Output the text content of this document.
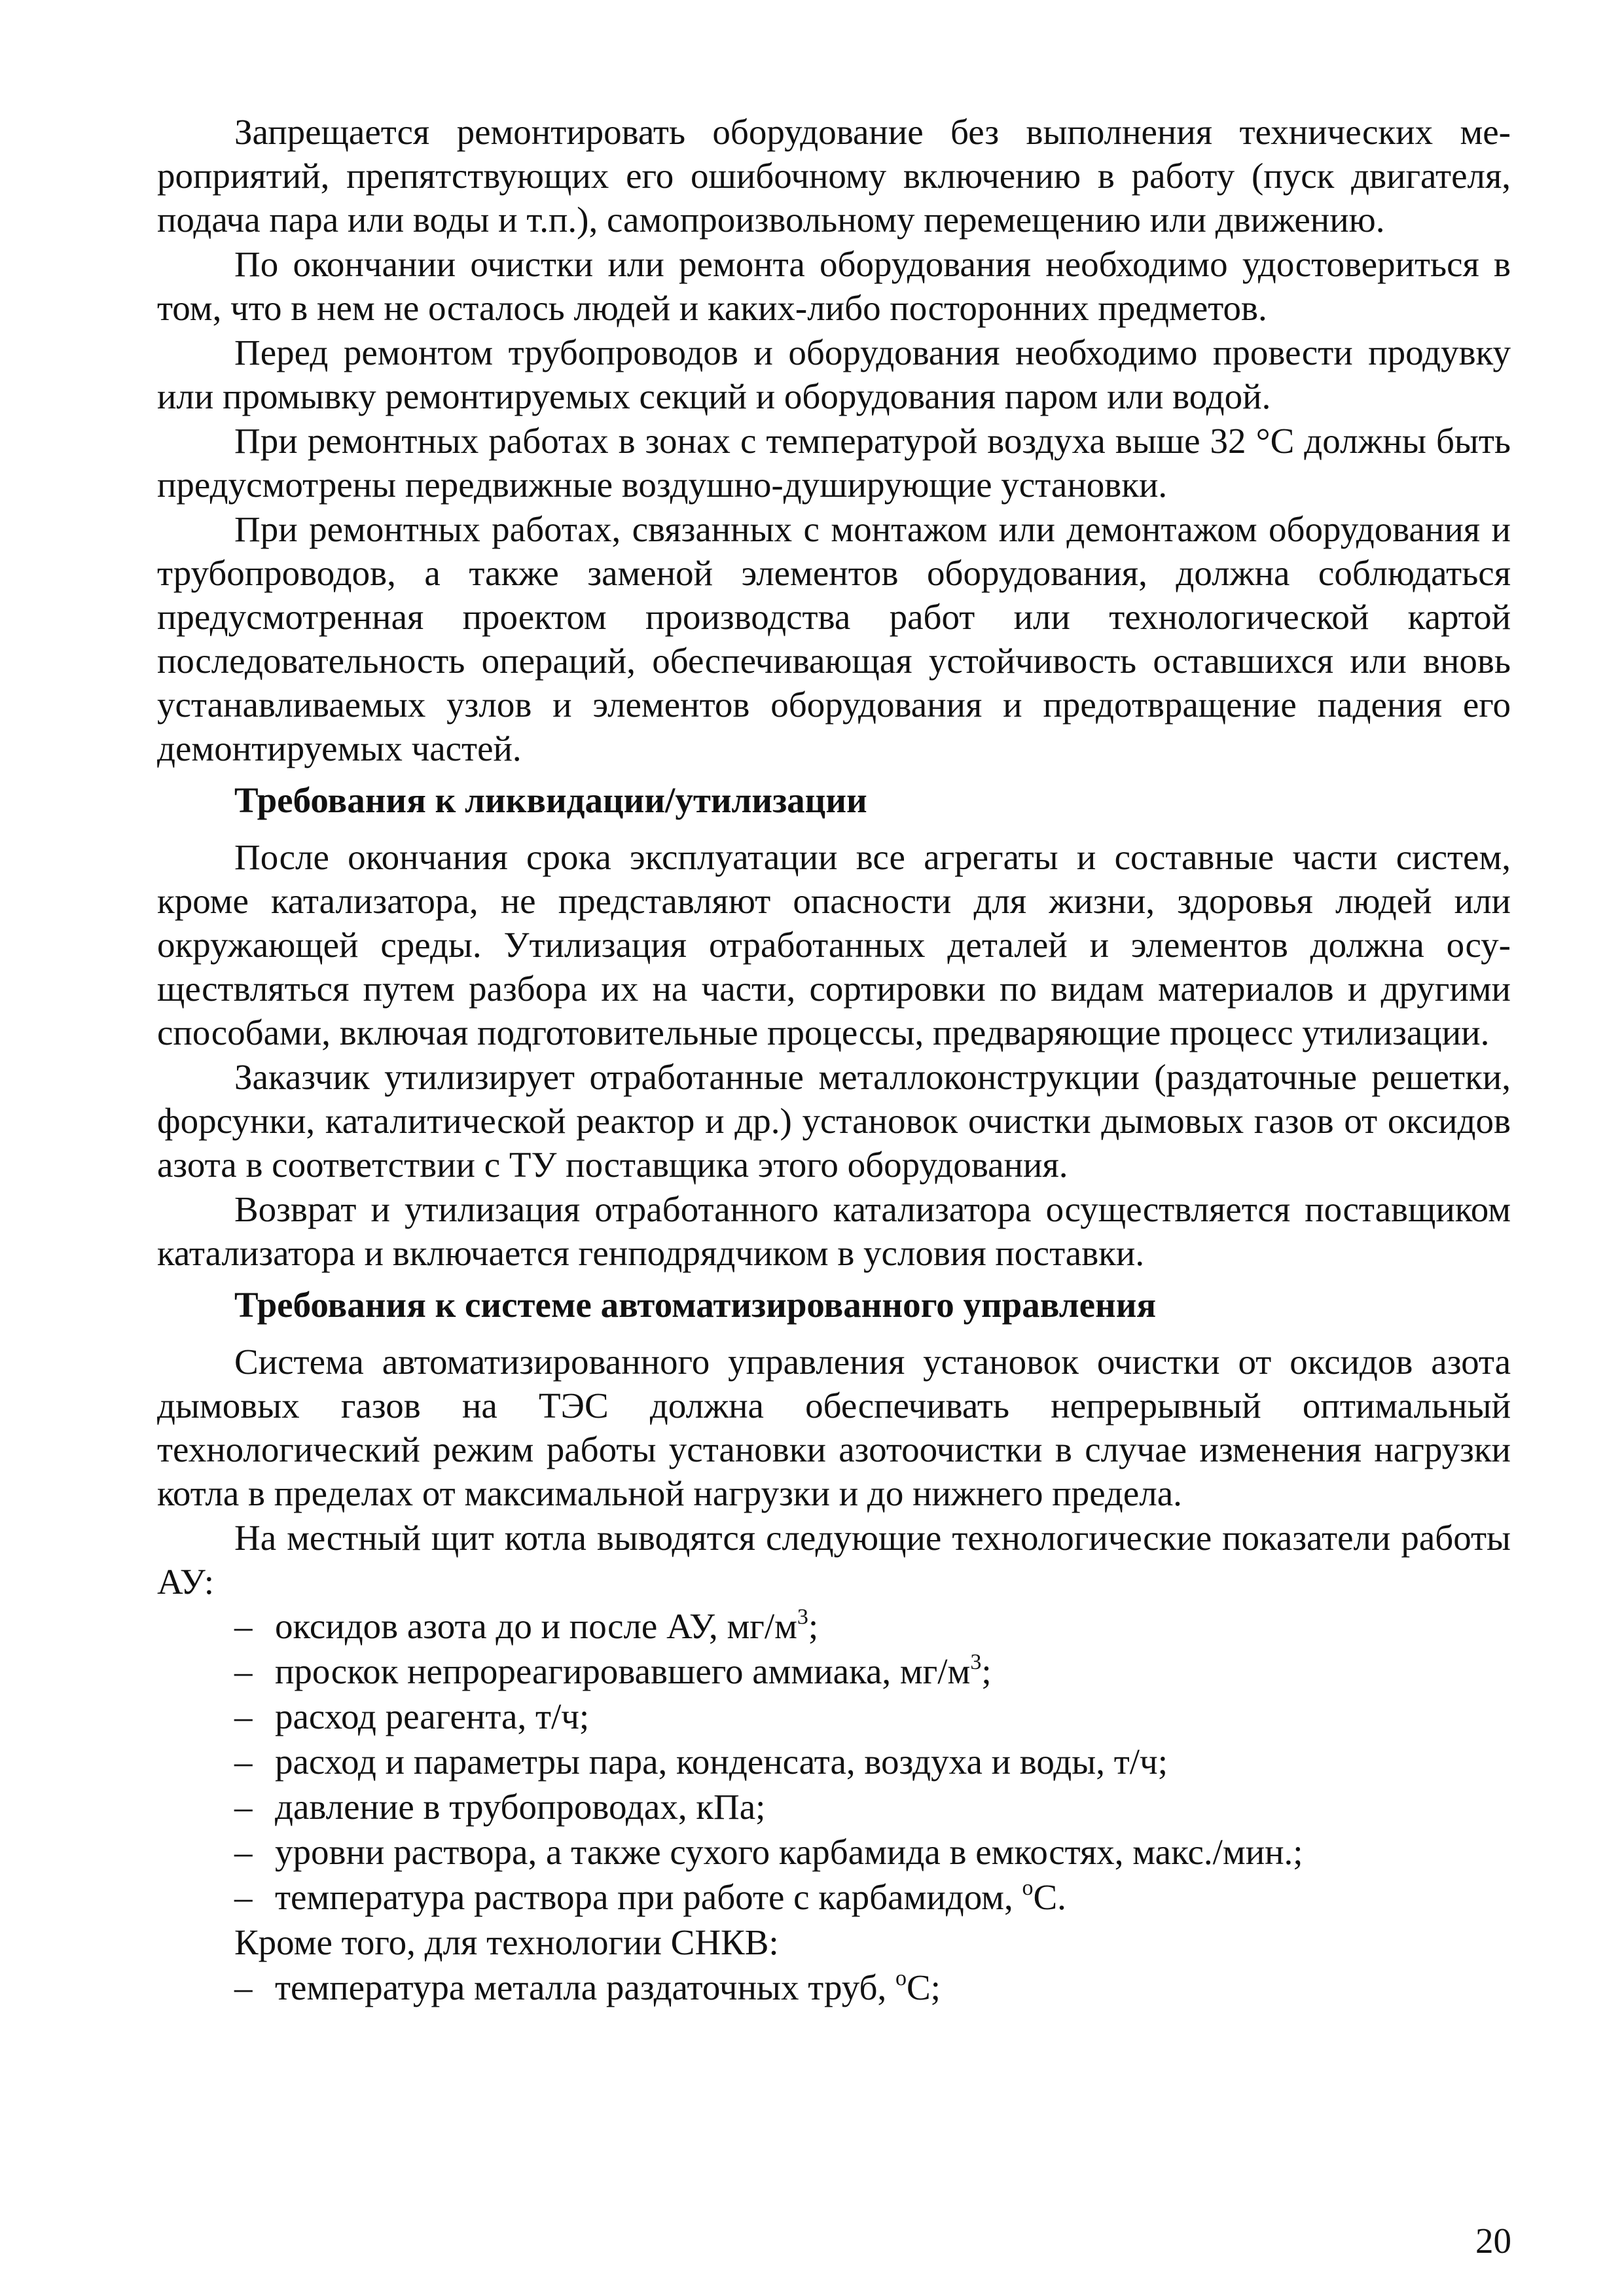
Запрещается ремонтировать оборудование без выполнения технических мероприятий, препятствующих его ошибочному включению в работу (пуск двигателя, подача пара или воды и т.п.), самопроизвольному перемещению или движению.

По окончании очистки или ремонта оборудования необходимо удостовериться в том, что в нем не осталось людей и каких-либо посторонних предметов.

Перед ремонтом трубопроводов и оборудования необходимо провести продувку или промывку ремонтируемых секций и оборудования паром или водой.

При ремонтных работах в зонах с температурой воздуха выше 32 °С должны быть предусмотрены передвижные воздушно-душирующие установки.

При ремонтных работах, связанных с монтажом или демонтажом оборудования и трубопроводов, а также заменой элементов оборудования, должна соблюдаться предусмотренная проектом производства работ или технологической картой последовательность операций, обеспечивающая устойчивость оставшихся или вновь устанавливаемых узлов и элементов оборудования и предотвращение падения его демонтируемых частей.

Требования к ликвидации/утилизации

После окончания срока эксплуатации все агрегаты и составные части систем, кроме катализатора, не представляют опасности для жизни, здоровья людей или окружающей среды. Утилизация отработанных деталей и элементов должна осуществляться путем разбора их на части, сортировки по видам материалов и другими способами, включая подготовительные процессы, предваряющие процесс утилизации.

Заказчик утилизирует отработанные металлоконструкции (раздаточные решетки, форсунки, каталитической реактор и др.) установок очистки дымовых газов от оксидов азота в соответствии с ТУ поставщика этого оборудования.

Возврат и утилизация отработанного катализатора осуществляется поставщиком катализатора и включается генподрядчиком в условия поставки.

Требования к системе автоматизированного управления

Система автоматизированного управления установок очистки от оксидов азота дымовых газов на ТЭС должна обеспечивать непрерывный оптимальный технологический режим работы установки азотоочистки в случае изменения нагрузки котла в пределах от максимальной нагрузки и до нижнего предела.

На местный щит котла выводятся следующие технологические показатели работы АУ:

– оксидов азота до и после АУ, $мг/м^3$;
– проскок непрореагировавшего аммиака, $мг/м^3$;
– расход реагента, т/ч;
– расход и параметры пара, конденсата, воздуха и воды, т/ч;
– давление в трубопроводах, кПа;
– уровни раствора, а также сухого карбамида в емкостях, макс./мин.;
– температура раствора при работе с карбамидом, $^о$С.

Кроме того, для технологии СНКВ:

– температура металла раздаточных труб, $^о$С;
20
